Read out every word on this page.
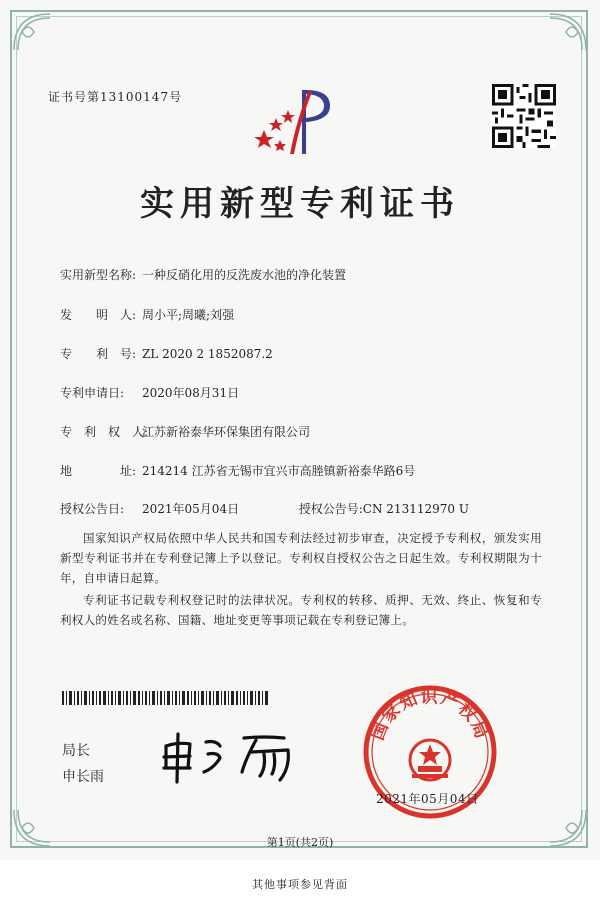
证书号第13100147号
实用新型专利证书
实用新型名称: 一种反硝化用的反洗废水池的净化装置
发　　明　人: 周小平;周曦;刘强
专　　利　号: ZL 2020 2 1852087.2
专利申请日: 2020年08月31日
专　利　权　人:江苏新裕泰华环保集团有限公司
地　　　　址: 214214 江苏省无锡市宜兴市高塍镇新裕泰华路6号
授权公告日: 2021年05月04日	授权公告号:CN 213112970 U
国家知识产权局依照中华人民共和国专利法经过初步审查，决定授予专利权，颁发实用新型专利证书并在专利登记簿上予以登记。专利权自授权公告之日起生效。专利权期限为十年，自申请日起算。
专利证书记载专利权登记时的法律状况。专利权的转移、质押、无效、终止、恢复和专利权人的姓名或名称、国籍、地址变更等事项记载在专利登记簿上。
局长
申长雨
国家知识产权局
2021年05月04日
第1页(共2页)
其他事项参见背面
